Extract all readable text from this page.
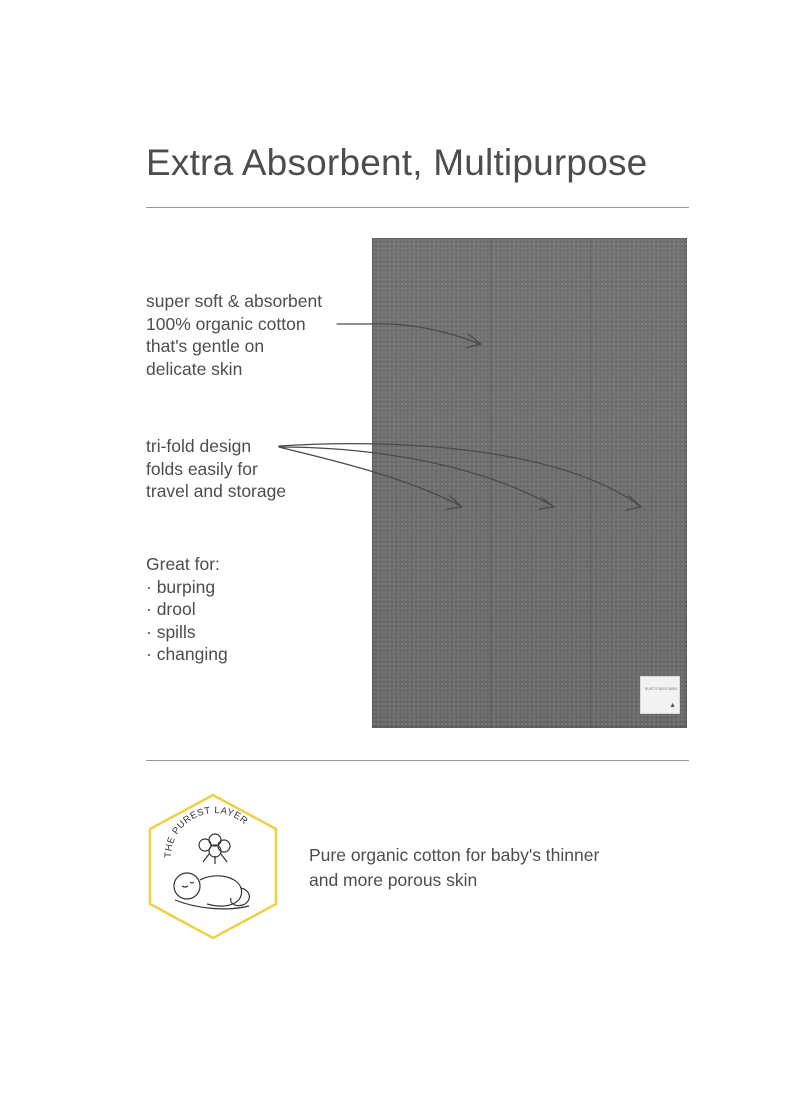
Extra Absorbent, Multipurpose
BURT'S BEES BABY
▲

super soft & absorbent
100% organic cotton
that's gentle on
delicate skin

tri-fold design
folds easily for
travel and storage

Great for:
· burping
· drool
· spills
· changing

THE PUREST LAYER

Pure organic cotton for baby's thinner
and more porous skin
